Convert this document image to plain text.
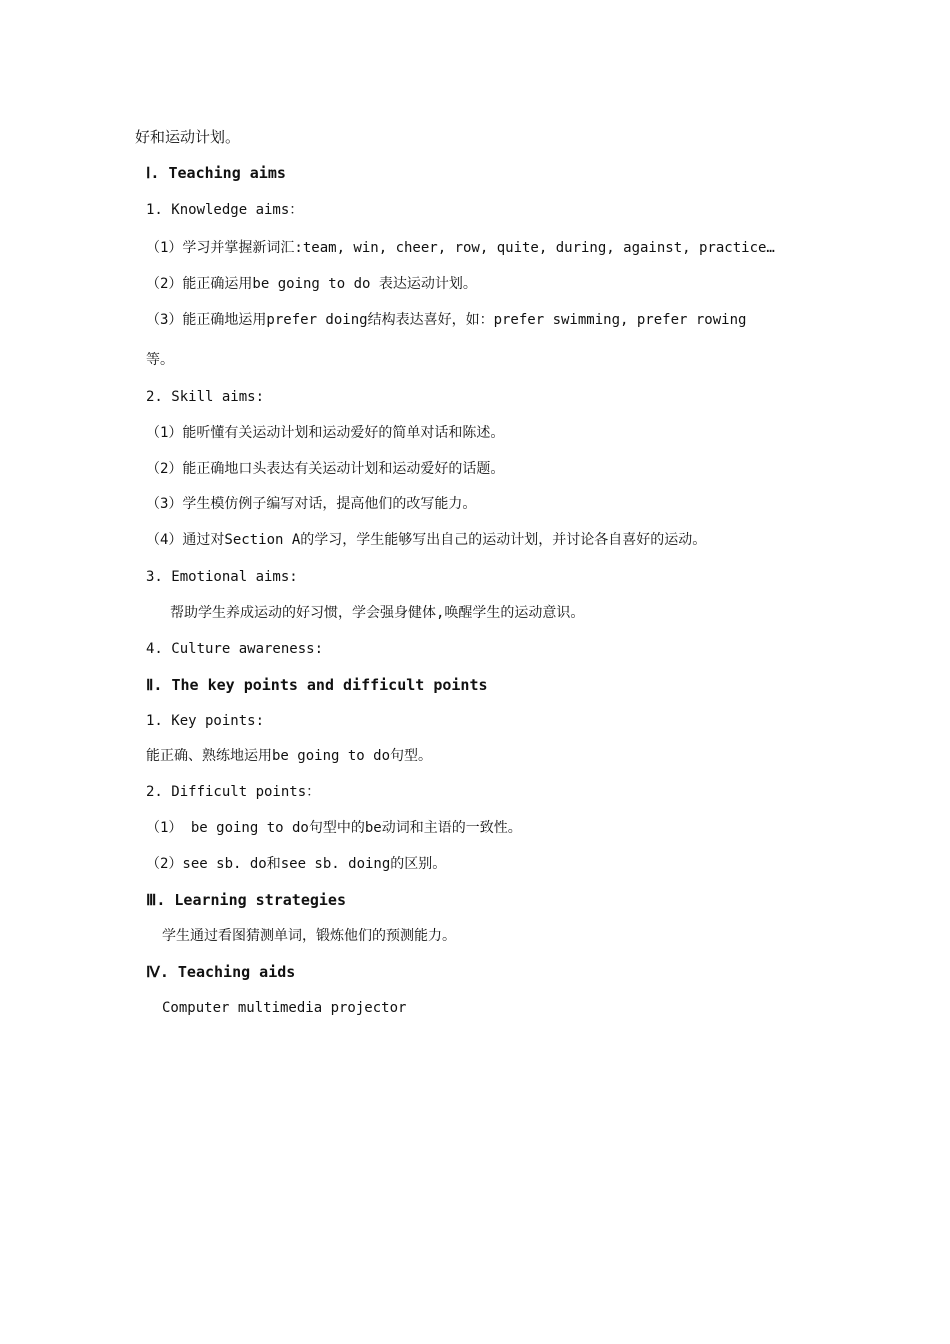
好和运动计划。
Ⅰ. Teaching aims
1. Knowledge aims：
（1）学习并掌握新词汇:team, win, cheer, row, quite, during, against, practice…
（2）能正确运用be going to do 表达运动计划。
（3）能正确地运用prefer doing结构表达喜好，如：prefer swimming, prefer rowing
等。
2. Skill aims:
（1）能听懂有关运动计划和运动爱好的简单对话和陈述。
（2）能正确地口头表达有关运动计划和运动爱好的话题。
（3）学生模仿例子编写对话，提高他们的改写能力。
（4）通过对Section A的学习，学生能够写出自己的运动计划，并讨论各自喜好的运动。
3. Emotional aims:
帮助学生养成运动的好习惯，学会强身健体,唤醒学生的运动意识。
4. Culture awareness:
Ⅱ. The key points and difficult points
1. Key points:
能正确、熟练地运用be going to do句型。
2. Difficult points：
（1） be going to do句型中的be动词和主语的一致性。
（2）see sb. do和see sb. doing的区别。
Ⅲ. Learning strategies
学生通过看图猜测单词，锻炼他们的预测能力。
Ⅳ. Teaching aids
Computer multimedia projector
